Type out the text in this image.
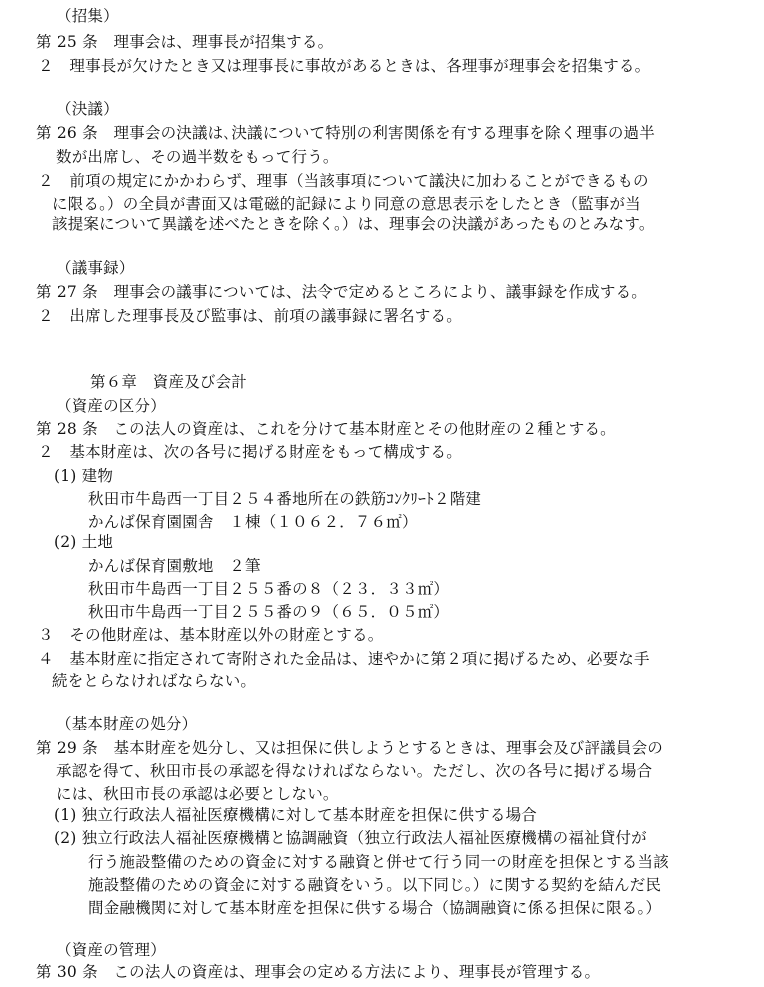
（招集）
第 25 条　理事会は、理事長が招集する。
２　理事長が欠けたとき又は理事長に事故があるときは、各理事が理事会を招集する。
（決議）
第 26 条　理事会の決議は､決議について特別の利害関係を有する理事を除く理事の過半
数が出席し、その過半数をもって行う。
２　前項の規定にかかわらず、理事（当該事項について議決に加わることができるもの
に限る。）の全員が書面又は電磁的記録により同意の意思表示をしたとき（監事が当
該提案について異議を述べたときを除く。）は、理事会の決議があったものとみなす。
（議事録）
第 27 条　理事会の議事については、法令で定めるところにより、議事録を作成する。
２　出席した理事長及び監事は、前項の議事録に署名する。
第６章　資産及び会計
（資産の区分）
第 28 条　この法人の資産は、これを分けて基本財産とその他財産の２種とする。
２　基本財産は、次の各号に掲げる財産をもって構成する。
(1) 建物
秋田市牛島西一丁目２５４番地所在の鉄筋ｺﾝｸﾘｰﾄ２階建
かんば保育園園舎　１棟（１０６２．７６㎡）
(2) 土地
かんば保育園敷地　２筆
秋田市牛島西一丁目２５５番の８（２３．３３㎡）
秋田市牛島西一丁目２５５番の９（６５．０５㎡）
３　その他財産は、基本財産以外の財産とする。
４　基本財産に指定されて寄附された金品は、速やかに第２項に掲げるため、必要な手
続をとらなければならない。
（基本財産の処分）
第 29 条　基本財産を処分し、又は担保に供しようとするときは、理事会及び評議員会の
承認を得て、秋田市長の承認を得なければならない。ただし、次の各号に掲げる場合
には、秋田市長の承認は必要としない。
(1) 独立行政法人福祉医療機構に対して基本財産を担保に供する場合
(2) 独立行政法人福祉医療機構と協調融資（独立行政法人福祉医療機構の福祉貸付が
行う施設整備のための資金に対する融資と併せて行う同一の財産を担保とする当該
施設整備のための資金に対する融資をいう。以下同じ。）に関する契約を結んだ民
間金融機関に対して基本財産を担保に供する場合（協調融資に係る担保に限る。）
（資産の管理）
第 30 条　この法人の資産は、理事会の定める方法により、理事長が管理する。
